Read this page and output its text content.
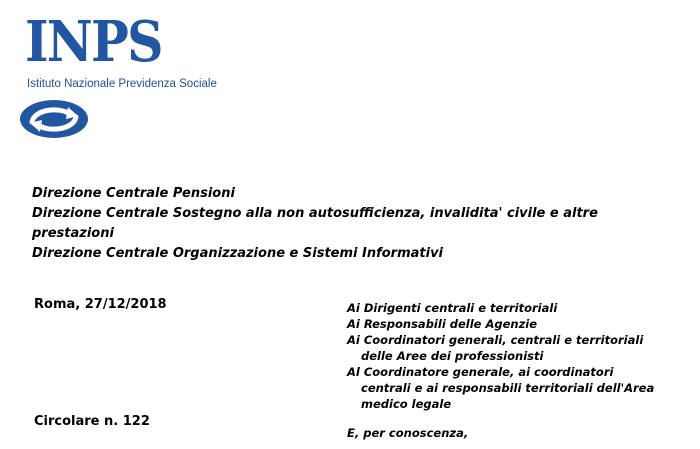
INPS

Istituto Nazionale Previdenza Sociale

Direzione Centrale Pensioni
Direzione Centrale Sostegno alla non autosufficienza, invalidita' civile e altre prestazioni
Direzione Centrale Organizzazione e Sistemi Informativi

Roma, 27/12/2018	Ai Dirigenti centrali e territoriali
Ai Responsabili delle Agenzie
Ai Coordinatori generali, centrali e territoriali delle Aree dei professionisti
Al Coordinatore generale, ai coordinatori centrali e ai responsabili territoriali dell'Area medico legale

Circolare n. 122

E, per conoscenza,
